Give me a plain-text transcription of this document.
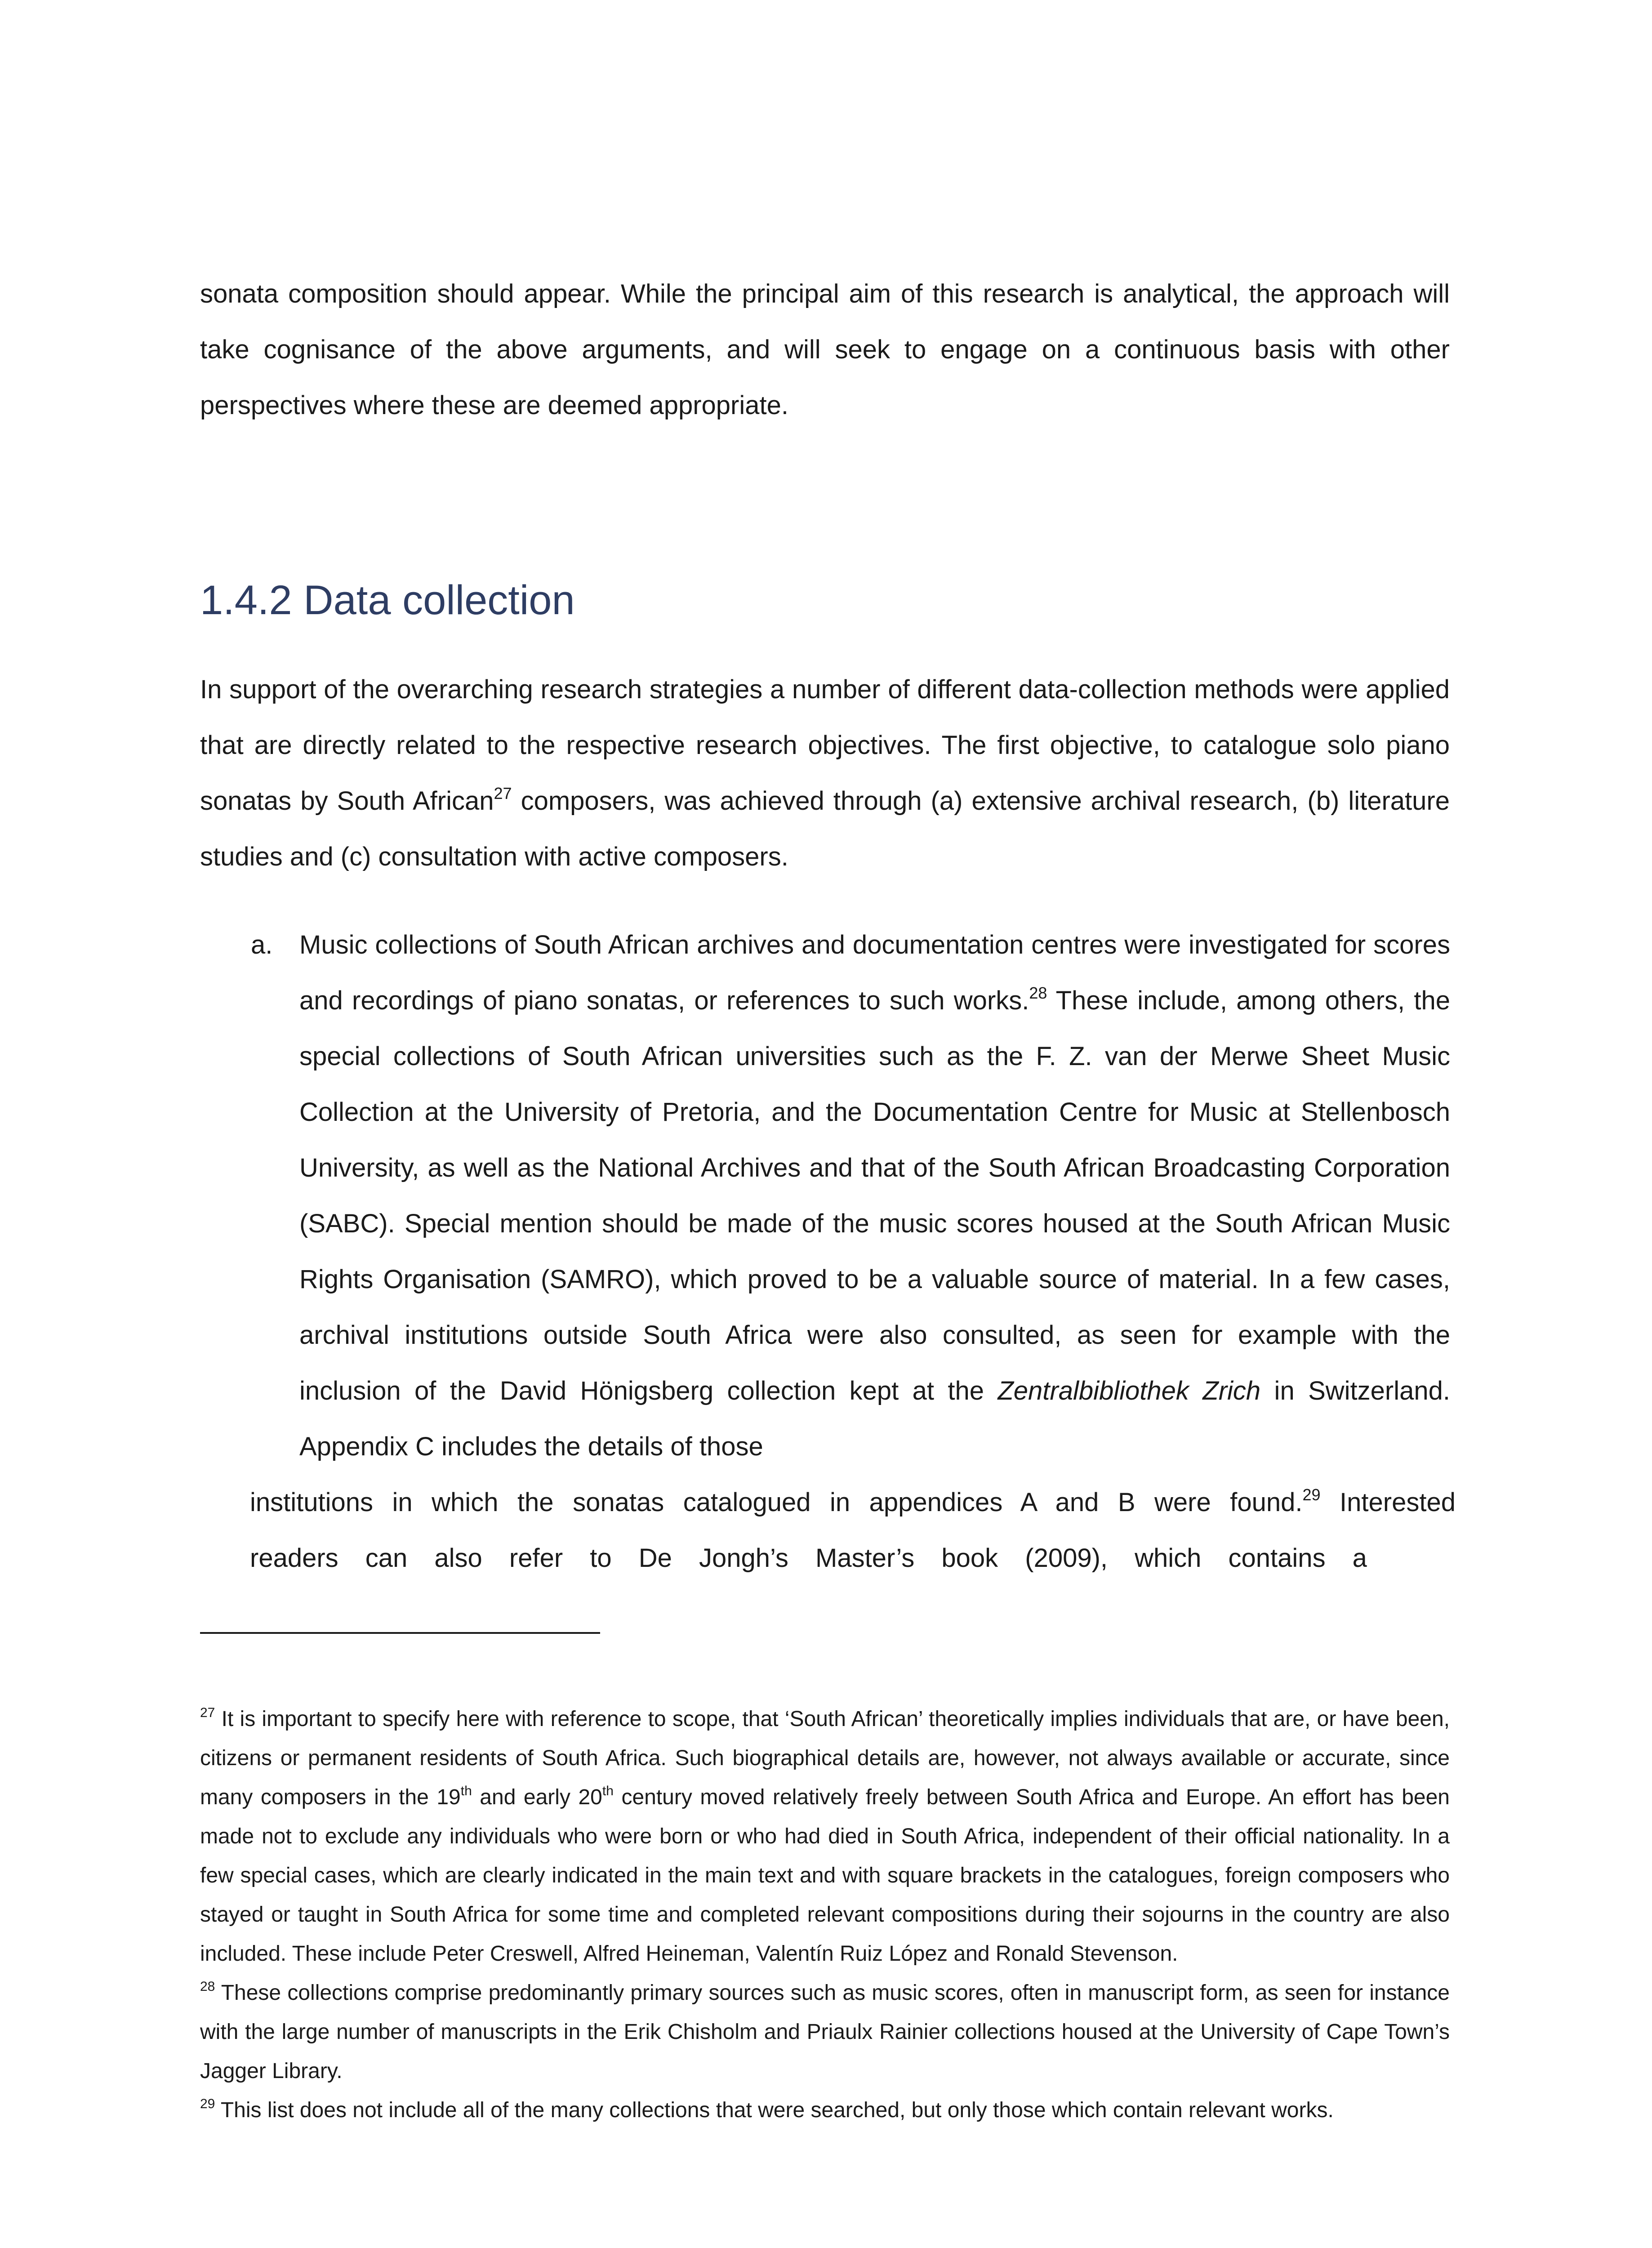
sonata composition should appear. While the principal aim of this research is analytical, the approach will take cognisance of the above arguments, and will seek to engage on a continuous basis with other perspectives where these are deemed appropriate.

1.4.2 Data collection

In support of the overarching research strategies a number of different data-collection methods were applied that are directly related to the respective research objectives. The first objective, to catalogue solo piano sonatas by South African$^{27}$ composers, was achieved through (a) extensive archival research, (b) literature studies and (c) consultation with active composers.

a. Music collections of South African archives and documentation centres were investigated for scores and recordings of piano sonatas, or references to such works.$^{28}$ These include, among others, the special collections of South African universities such as the F. Z. van der Merwe Sheet Music Collection at the University of Pretoria, and the Documentation Centre for Music at Stellenbosch University, as well as the National Archives and that of the South African Broadcasting Corporation (SABC). Special mention should be made of the music scores housed at the South African Music Rights Organisation (SAMRO), which proved to be a valuable source of material. In a few cases, archival institutions outside South Africa were also consulted, as seen for example with the inclusion of the David Hönigsberg collection kept at the Zentralbibliothek Zrich in Switzerland. Appendix C includes the details of those

institutions in which the sonatas catalogued in appendices A and B were found.$^{29}$ Interested
readers can also refer to De Jongh’s Master’s book (2009), which contains a

$^{27}$ It is important to specify here with reference to scope, that ‘South African’ theoretically implies individuals that are, or have been, citizens or permanent residents of South Africa. Such biographical details are, however, not always available or accurate, since many composers in the 19th and early 20th century moved relatively freely between South Africa and Europe. An effort has been made not to exclude any individuals who were born or who had died in South Africa, independent of their official nationality. In a few special cases, which are clearly indicated in the main text and with square brackets in the catalogues, foreign composers who stayed or taught in South Africa for some time and completed relevant compositions during their sojourns in the country are also included. These include Peter Creswell, Alfred Heineman, Valentín Ruiz López and Ronald Stevenson.

$^{28}$ These collections comprise predominantly primary sources such as music scores, often in manuscript form, as seen for instance with the large number of manuscripts in the Erik Chisholm and Priaulx Rainier collections housed at the University of Cape Town’s Jagger Library.

$^{29}$ This list does not include all of the many collections that were searched, but only those which contain relevant works.
